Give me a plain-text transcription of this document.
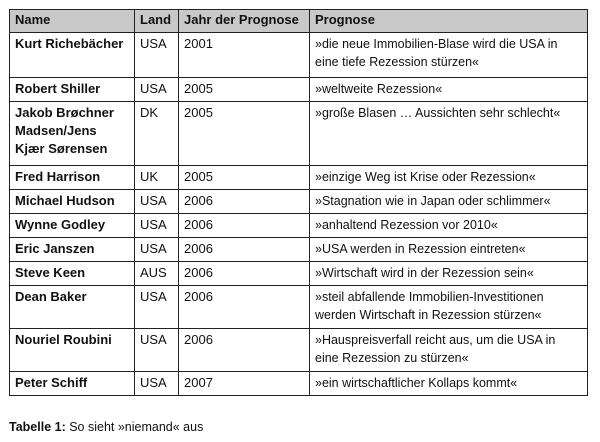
Name	Land	Jahr der Prognose	Prognose
Kurt Richebächer	USA	2001	»die neue Immobilien-Blase wird die USA in eine tiefe Rezession stürzen«
Robert Shiller	USA	2005	»weltweite Rezession«
Jakob Brøchner Madsen/Jens Kjær Sørensen	DK	2005	»große Blasen … Aussichten sehr schlecht«
Fred Harrison	UK	2005	»einzige Weg ist Krise oder Rezession«
Michael Hudson	USA	2006	»Stagnation wie in Japan oder schlimmer«
Wynne Godley	USA	2006	»anhaltend Rezession vor 2010«
Eric Janszen	USA	2006	»USA werden in Rezession eintreten«
Steve Keen	AUS	2006	»Wirtschaft wird in der Rezession sein«
Dean Baker	USA	2006	»steil abfallende Immobilien-Investitionen werden Wirtschaft in Rezession stürzen«
Nouriel Roubini	USA	2006	»Hauspreisverfall reicht aus, um die USA in eine Rezession zu stürzen«
Peter Schiff	USA	2007	»ein wirtschaftlicher Kollaps kommt«
Tabelle 1: So sieht »niemand« aus
